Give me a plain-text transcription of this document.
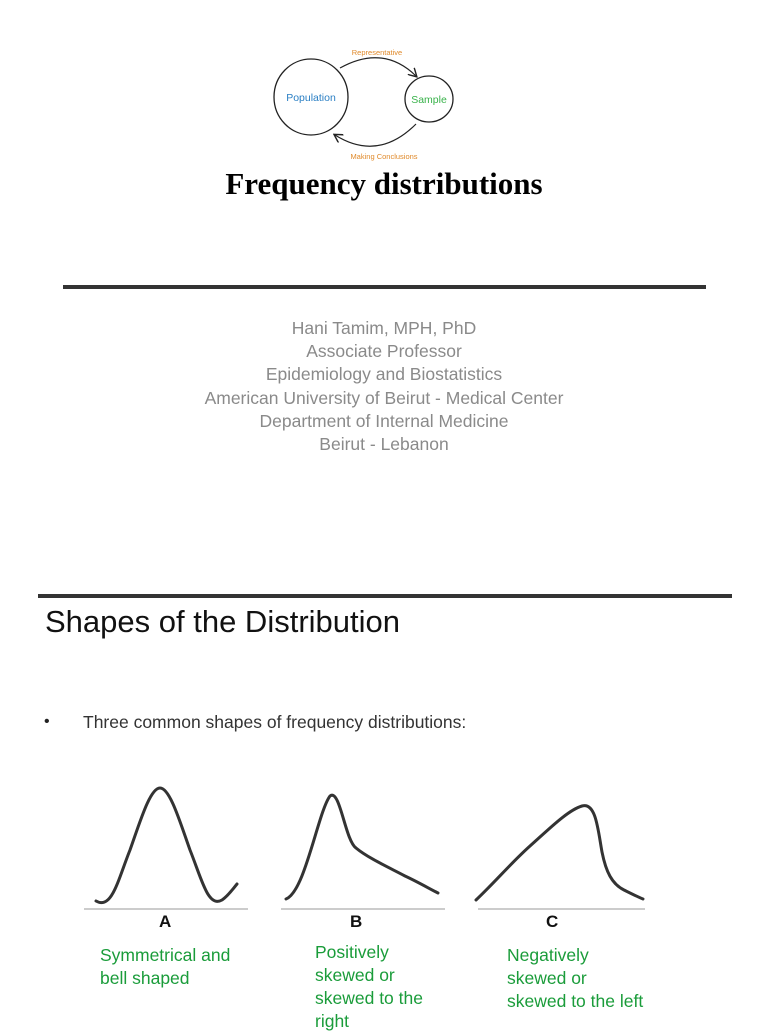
Population	Sample
Representative
Making Conclusions
Frequency distributions
Hani Tamim, MPH, PhD
Associate Professor
Epidemiology and Biostatistics
American University of Beirut - Medical Center
Department of Internal Medicine
Beirut - Lebanon
Shapes of the Distribution
• Three common shapes of frequency distributions:
A	B	C
Symmetrical and
bell shaped
Positively
skewed or
skewed to the
right
Negatively
skewed or
skewed to the left
